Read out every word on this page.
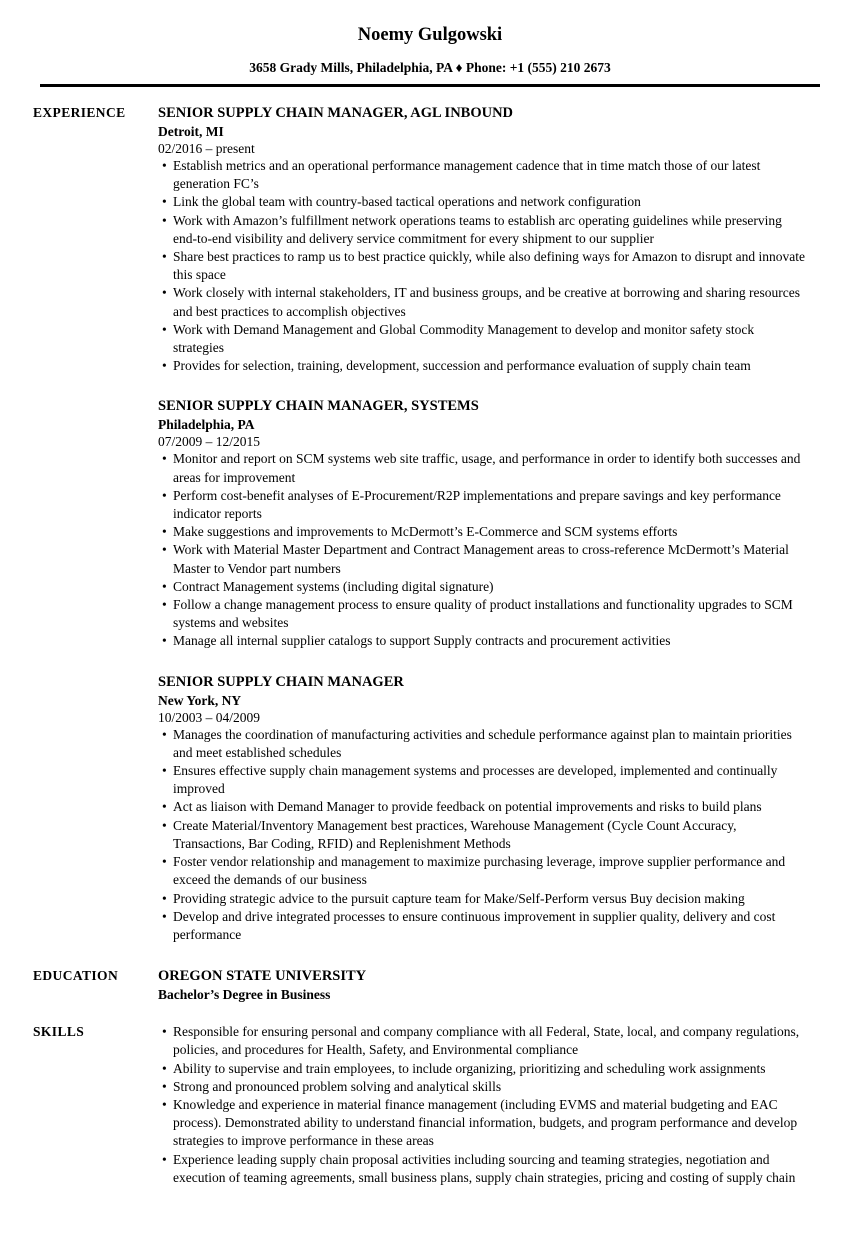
Noemy Gulgowski
3658 Grady Mills, Philadelphia, PA ♦ Phone: +1 (555) 210 2673
EXPERIENCE	SENIOR SUPPLY CHAIN MANAGER, AGL INBOUND
Detroit, MI
02/2016 – present
• Establish metrics and an operational performance management cadence that in time match those of our latest generation FC’s
• Link the global team with country-based tactical operations and network configuration
• Work with Amazon’s fulfillment network operations teams to establish arc operating guidelines while preserving end-to-end visibility and delivery service commitment for every shipment to our supplier
• Share best practices to ramp us to best practice quickly, while also defining ways for Amazon to disrupt and innovate this space
• Work closely with internal stakeholders, IT and business groups, and be creative at borrowing and sharing resources and best practices to accomplish objectives
• Work with Demand Management and Global Commodity Management to develop and monitor safety stock strategies
• Provides for selection, training, development, succession and performance evaluation of supply chain team
SENIOR SUPPLY CHAIN MANAGER, SYSTEMS
Philadelphia, PA
07/2009 – 12/2015
• Monitor and report on SCM systems web site traffic, usage, and performance in order to identify both successes and areas for improvement
• Perform cost-benefit analyses of E-Procurement/R2P implementations and prepare savings and key performance indicator reports
• Make suggestions and improvements to McDermott’s E-Commerce and SCM systems efforts
• Work with Material Master Department and Contract Management areas to cross-reference McDermott’s Material Master to Vendor part numbers
• Contract Management systems (including digital signature)
• Follow a change management process to ensure quality of product installations and functionality upgrades to SCM systems and websites
• Manage all internal supplier catalogs to support Supply contracts and procurement activities
SENIOR SUPPLY CHAIN MANAGER
New York, NY
10/2003 – 04/2009
• Manages the coordination of manufacturing activities and schedule performance against plan to maintain priorities and meet established schedules
• Ensures effective supply chain management systems and processes are developed, implemented and continually improved
• Act as liaison with Demand Manager to provide feedback on potential improvements and risks to build plans
• Create Material/Inventory Management best practices, Warehouse Management (Cycle Count Accuracy, Transactions, Bar Coding, RFID) and Replenishment Methods
• Foster vendor relationship and management to maximize purchasing leverage, improve supplier performance and exceed the demands of our business
• Providing strategic advice to the pursuit capture team for Make/Self-Perform versus Buy decision making
• Develop and drive integrated processes to ensure continuous improvement in supplier quality, delivery and cost performance
EDUCATION	OREGON STATE UNIVERSITY
Bachelor’s Degree in Business
SKILLS	• Responsible for ensuring personal and company compliance with all Federal, State, local, and company regulations, policies, and procedures for Health, Safety, and Environmental compliance
• Ability to supervise and train employees, to include organizing, prioritizing and scheduling work assignments
• Strong and pronounced problem solving and analytical skills
• Knowledge and experience in material finance management (including EVMS and material budgeting and EAC process). Demonstrated ability to understand financial information, budgets, and program performance and develop strategies to improve performance in these areas
• Experience leading supply chain proposal activities including sourcing and teaming strategies, negotiation and execution of teaming agreements, small business plans, supply chain strategies, pricing and costing of supply chain
